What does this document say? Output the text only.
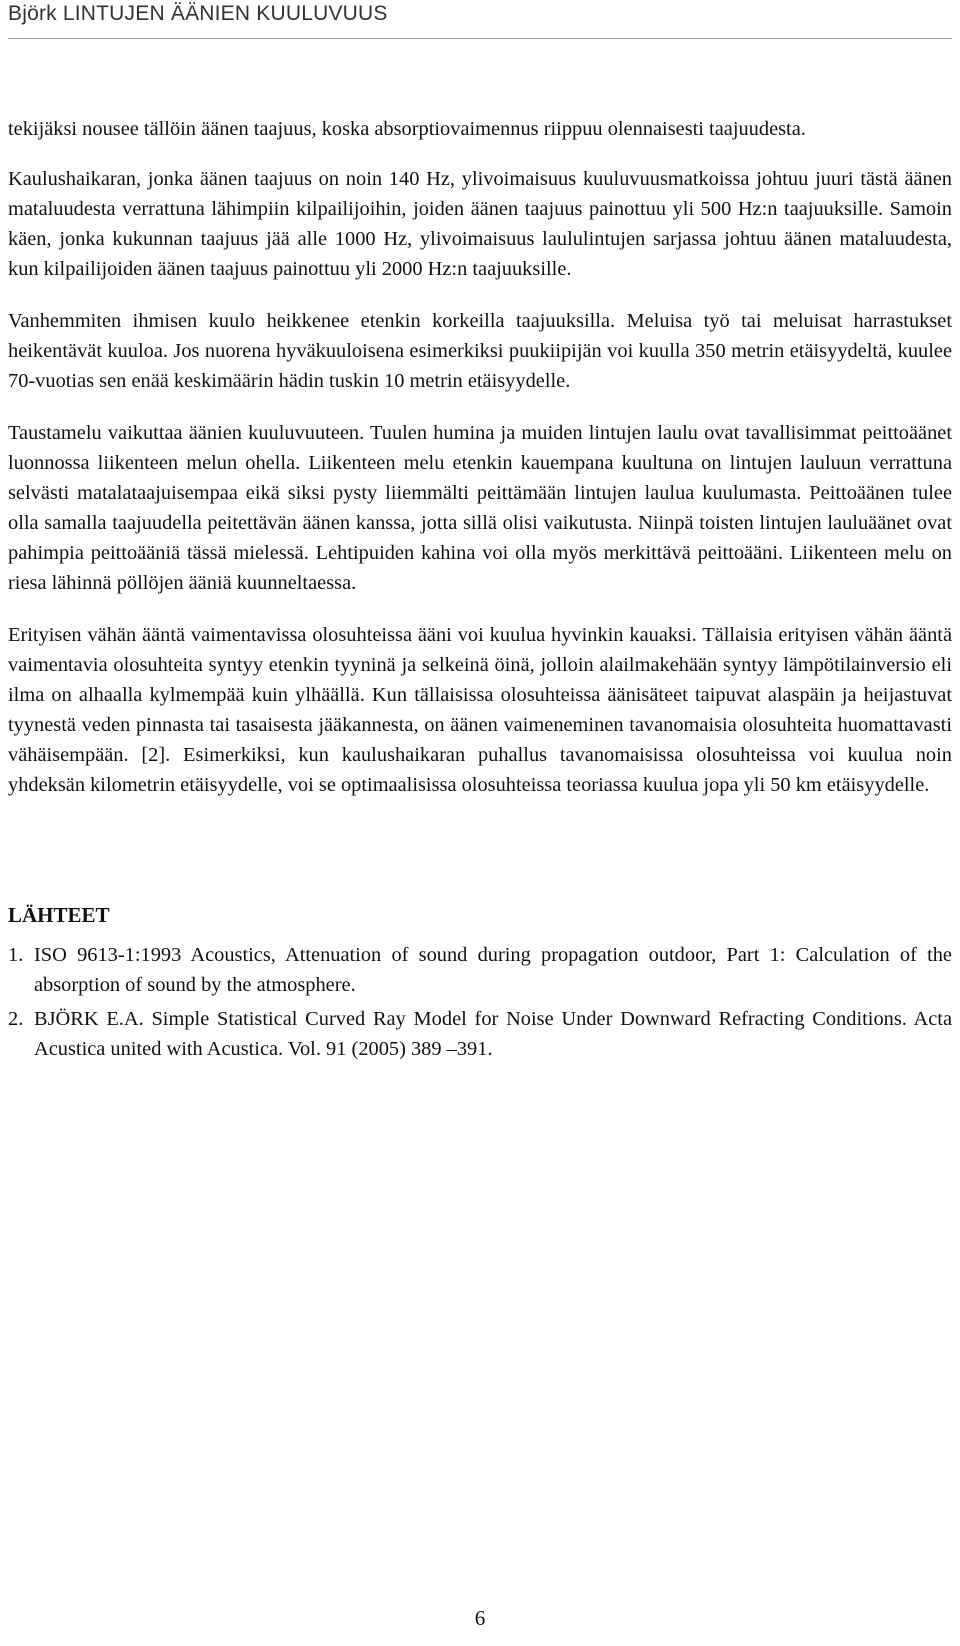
Björk LINTUJEN ÄÄNIEN KUULUVUUS

tekijäksi nousee tällöin äänen taajuus, koska absorptiovaimennus riippuu olennaisesti taajuudesta.

Kaulushaikaran, jonka äänen taajuus on noin 140 Hz, ylivoimaisuus kuuluvuusmatkoissa johtuu juuri tästä äänen mataluudesta verrattuna lähimpiin kilpailijoihin, joiden äänen taajuus painottuu yli 500 Hz:n taajuuksille. Samoin käen, jonka kukunnan taajuus jää alle 1000 Hz, ylivoimaisuus laululintujen sarjassa johtuu äänen mataluudesta, kun kilpailijoiden äänen taajuus painottuu yli 2000 Hz:n taajuuksille.

Vanhemmiten ihmisen kuulo heikkenee etenkin korkeilla taajuuksilla. Meluisa työ tai meluisat harrastukset heikentävät kuuloa. Jos nuorena hyväkuuloisena esimerkiksi puukiipijän voi kuulla 350 metrin etäisyydeltä, kuulee 70-vuotias sen enää keskimäärin hädin tuskin 10 metrin etäisyydelle.

Taustamelu vaikuttaa äänien kuuluvuuteen. Tuulen humina ja muiden lintujen laulu ovat tavallisimmat peittoäänet luonnossa liikenteen melun ohella. Liikenteen melu etenkin kauempana kuultuna on lintujen lauluun verrattuna selvästi matalataajuisempaa eikä siksi pysty liiemmälti peittämään lintujen laulua kuulumasta. Peittoäänen tulee olla samalla taajuudella peitettävän äänen kanssa, jotta sillä olisi vaikutusta. Niinpä toisten lintujen lauluäänet ovat pahimpia peittoääniä tässä mielessä. Lehtipuiden kahina voi olla myös merkittävä peittoääni. Liikenteen melu on riesa lähinnä pöllöjen ääniä kuunneltaessa.

Erityisen vähän ääntä vaimentavissa olosuhteissa ääni voi kuulua hyvinkin kauaksi. Tällaisia erityisen vähän ääntä vaimentavia olosuhteita syntyy etenkin tyyninä ja selkeinä öinä, jolloin alailmakehään syntyy lämpötilainversio eli ilma on alhaalla kylmempää kuin ylhäällä. Kun tällaisissa olosuhteissa äänisäteet taipuvat alaspäin ja heijastuvat tyynestä veden pinnasta tai tasaisesta jääkannesta, on äänen vaimeneminen tavanomaisia olosuhteita huomattavasti vähäisempään. [2]. Esimerkiksi, kun kaulushaikaran puhallus tavanomaisissa olosuhteissa voi kuulua noin yhdeksän kilometrin etäisyydelle, voi se optimaalisissa olosuhteissa teoriassa kuulua jopa yli 50 km etäisyydelle.

LÄHTEET
1. ISO 9613-1:1993 Acoustics, Attenuation of sound during propagation outdoor, Part 1: Calculation of the absorption of sound by the atmosphere.
2. BJÖRK E.A. Simple Statistical Curved Ray Model for Noise Under Downward Refracting Conditions. Acta Acustica united with Acustica. Vol. 91 (2005) 389 –391.
6
